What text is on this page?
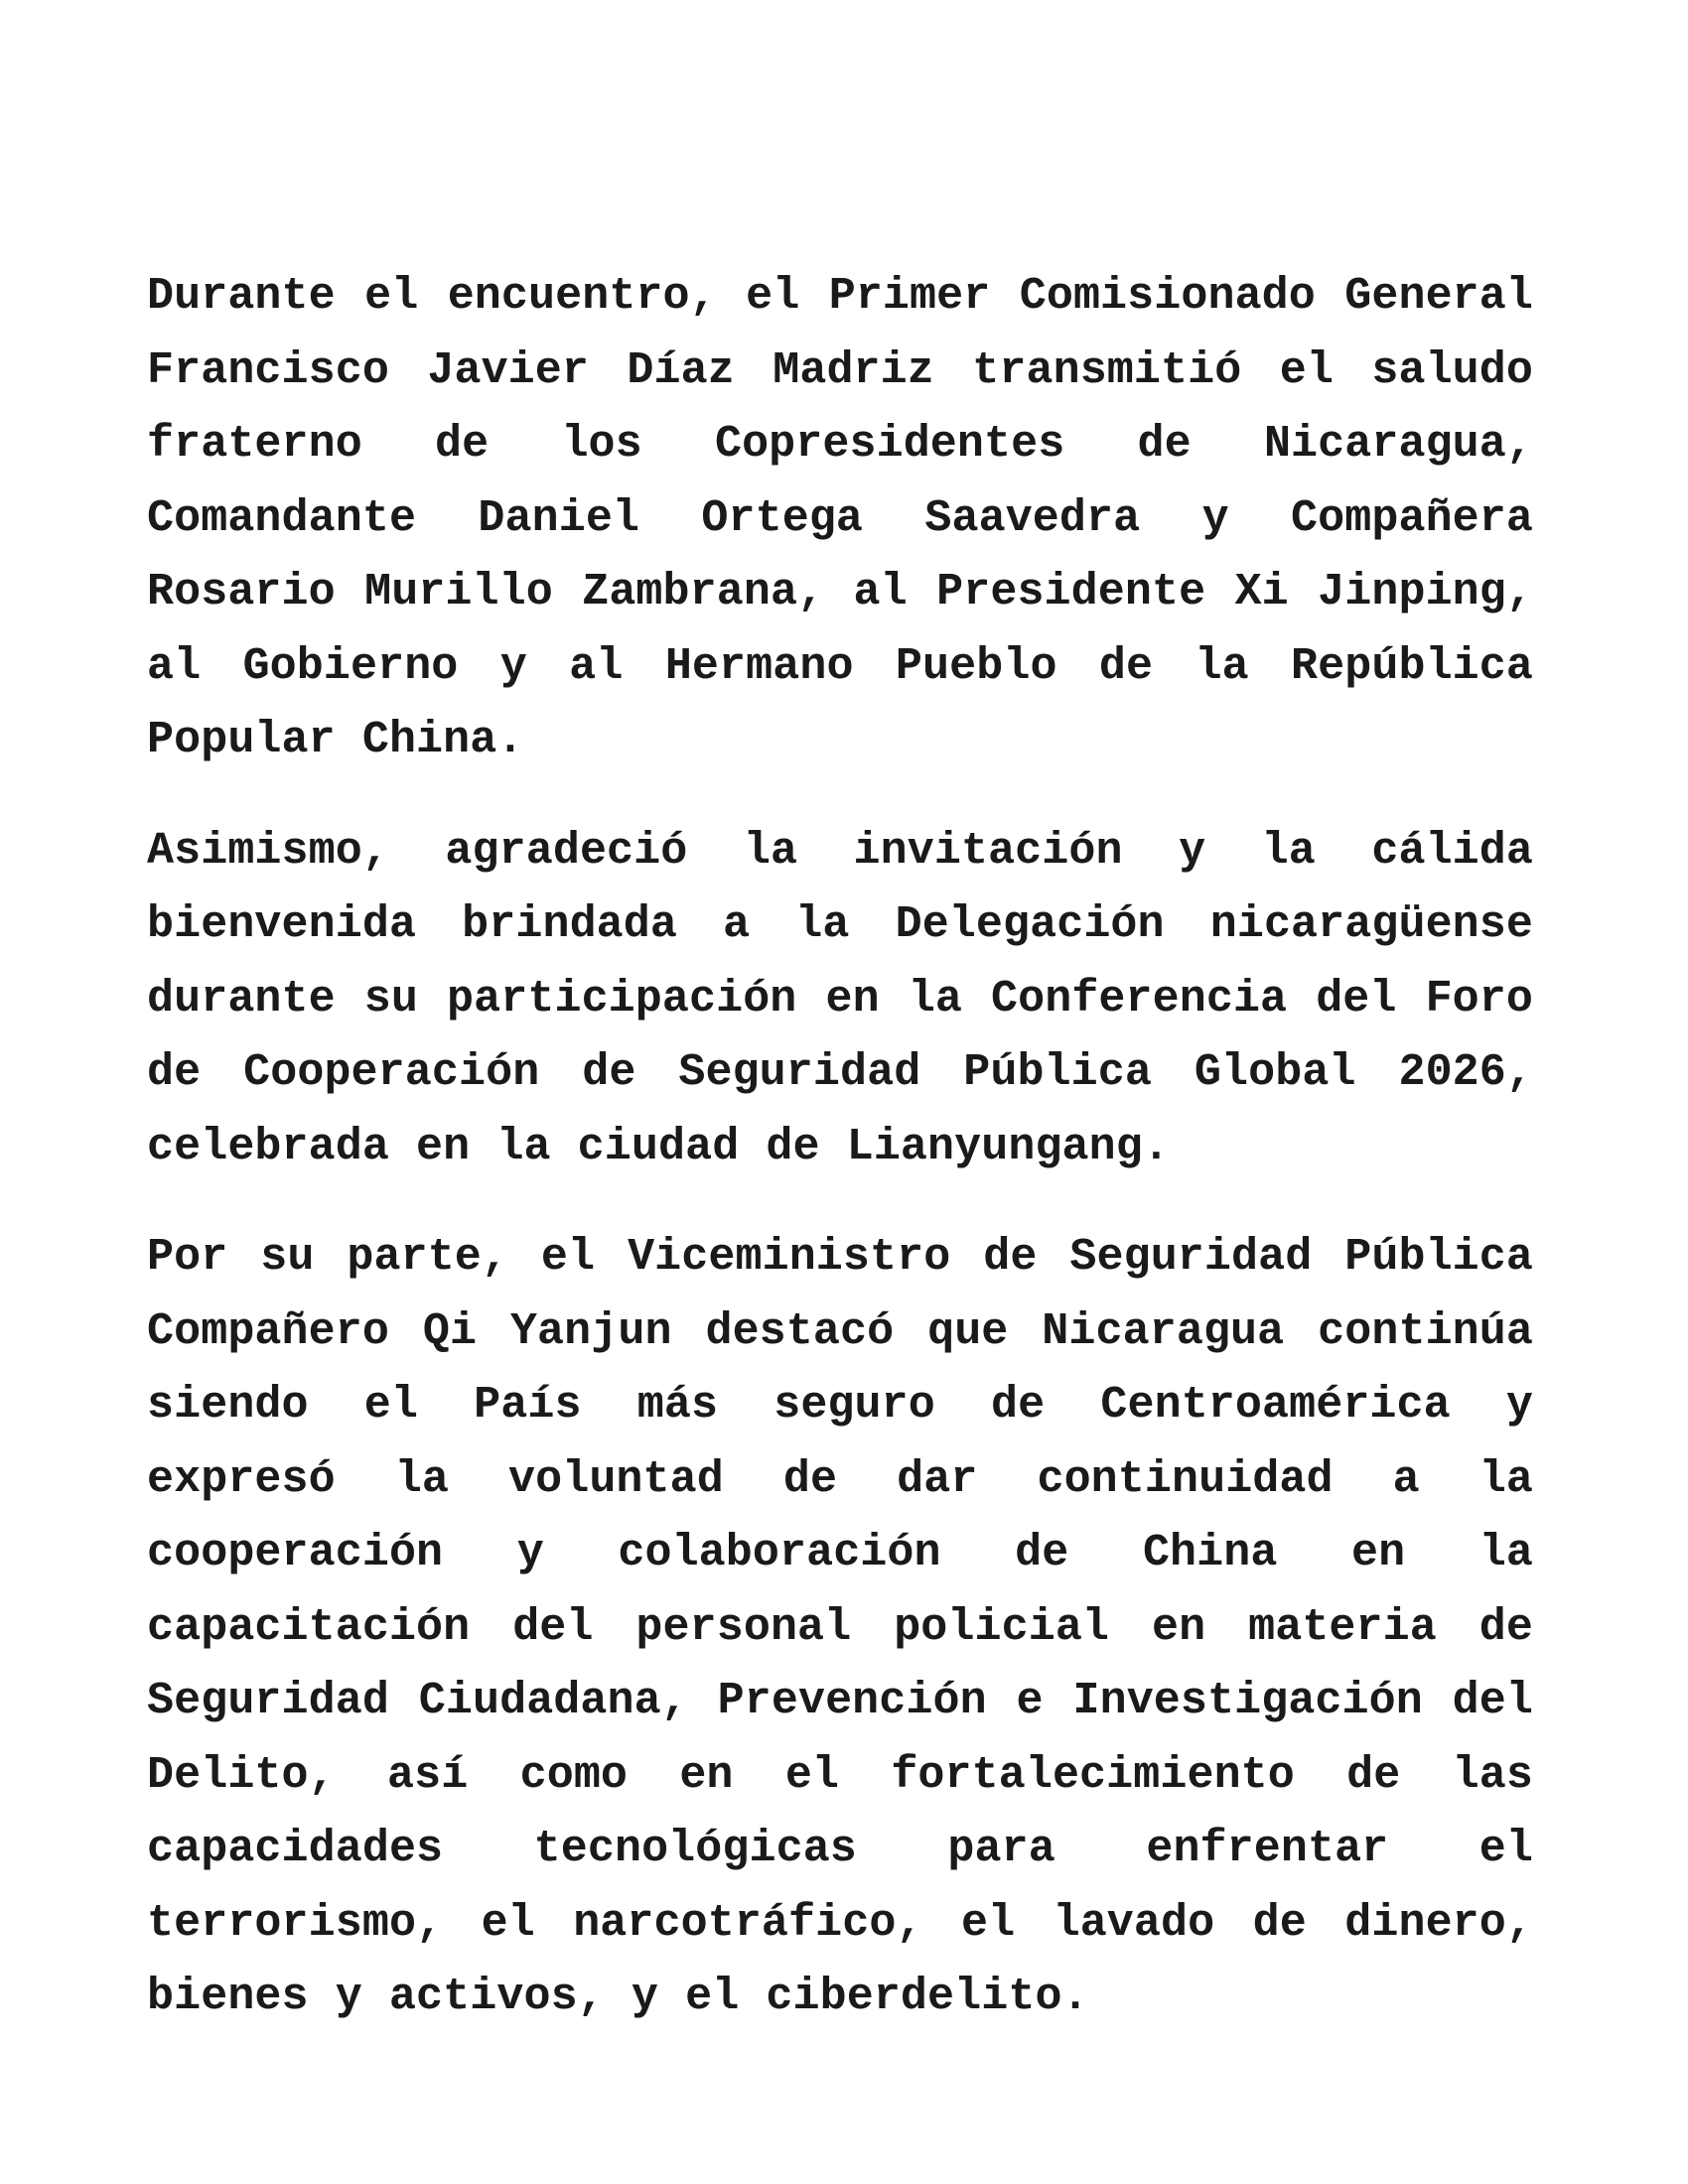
Durante el encuentro, el Primer Comisionado General Francisco Javier Díaz Madriz transmitió el saludo fraterno de los Copresidentes de Nicaragua, Comandante Daniel Ortega Saavedra y Compañera Rosario Murillo Zambrana, al Presidente Xi Jinping, al Gobierno y al Hermano Pueblo de la República Popular China.

Asimismo, agradeció la invitación y la cálida bienvenida brindada a la Delegación nicaragüense durante su participación en la Conferencia del Foro de Cooperación de Seguridad Pública Global 2026, celebrada en la ciudad de Lianyungang.

Por su parte, el Viceministro de Seguridad Pública Compañero Qi Yanjun destacó que Nicaragua continúa siendo el País más seguro de Centroamérica y expresó la voluntad de dar continuidad a la cooperación y colaboración de China en la capacitación del personal policial en materia de Seguridad Ciudadana, Prevención e Investigación del Delito, así como en el fortalecimiento de las capacidades tecnológicas para enfrentar el terrorismo, el narcotráfico, el lavado de dinero, bienes y activos, y el ciberdelito.
